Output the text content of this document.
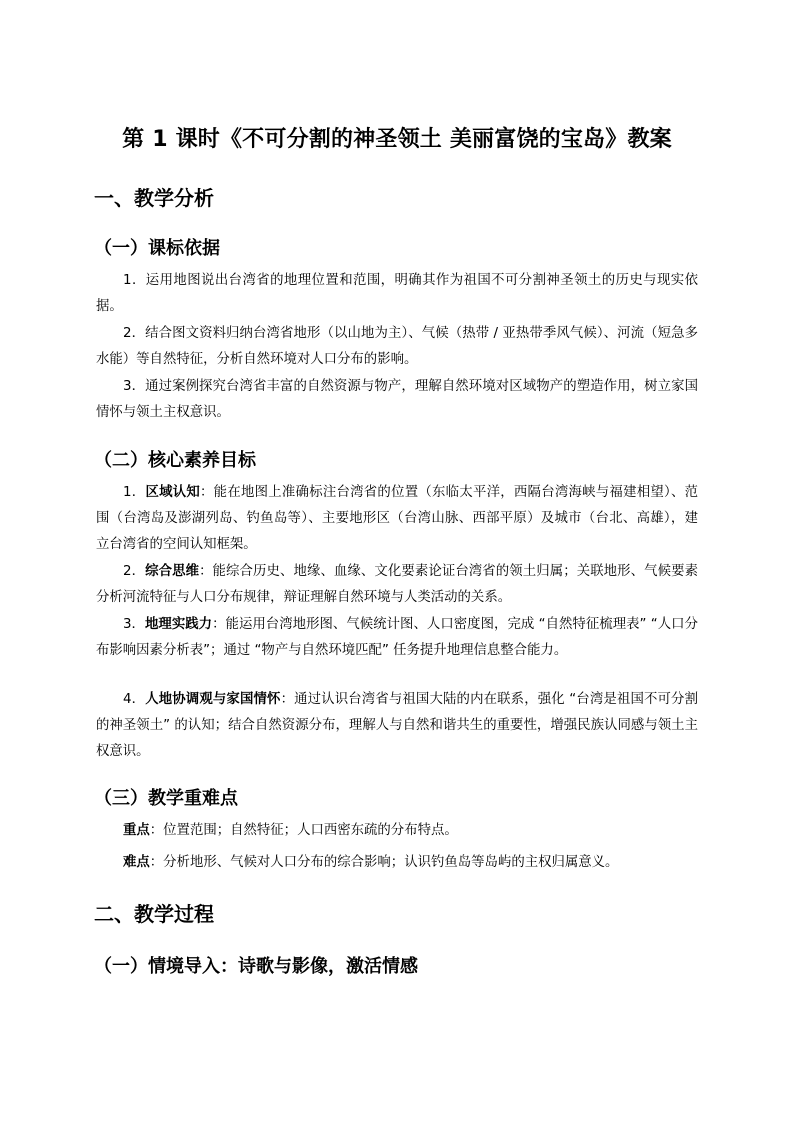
第 1 课时《不可分割的神圣领土 美丽富饶的宝岛》教案
一、教学分析
（一）课标依据

1．运用地图说出台湾省的地理位置和范围，明确其作为祖国不可分割神圣领土的历史与现实依据。

2．结合图文资料归纳台湾省地形（以山地为主）、气候（热带 / 亚热带季风气候）、河流（短急多水能）等自然特征，分析自然环境对人口分布的影响。

3．通过案例探究台湾省丰富的自然资源与物产，理解自然环境对区域物产的塑造作用，树立家国情怀与领土主权意识。

（二）核心素养目标

1．区域认知：能在地图上准确标注台湾省的位置（东临太平洋，西隔台湾海峡与福建相望）、范围（台湾岛及澎湖列岛、钓鱼岛等）、主要地形区（台湾山脉、西部平原）及城市（台北、高雄），建立台湾省的空间认知框架。

2．综合思维：能综合历史、地缘、血缘、文化要素论证台湾省的领土归属；关联地形、气候要素分析河流特征与人口分布规律，辩证理解自然环境与人类活动的关系。

3．地理实践力：能运用台湾地形图、气候统计图、人口密度图，完成 “自然特征梳理表” “人口分布影响因素分析表”；通过 “物产与自然环境匹配” 任务提升地理信息整合能力。

4．人地协调观与家国情怀：通过认识台湾省与祖国大陆的内在联系，强化 “台湾是祖国不可分割的神圣领土” 的认知；结合自然资源分布，理解人与自然和谐共生的重要性，增强民族认同感与领土主权意识。

（三）教学重难点

重点：位置范围；自然特征；人口西密东疏的分布特点。

难点：分析地形、气候对人口分布的综合影响；认识钓鱼岛等岛屿的主权归属意义。

二、教学过程
（一）情境导入：诗歌与影像，激活情感
